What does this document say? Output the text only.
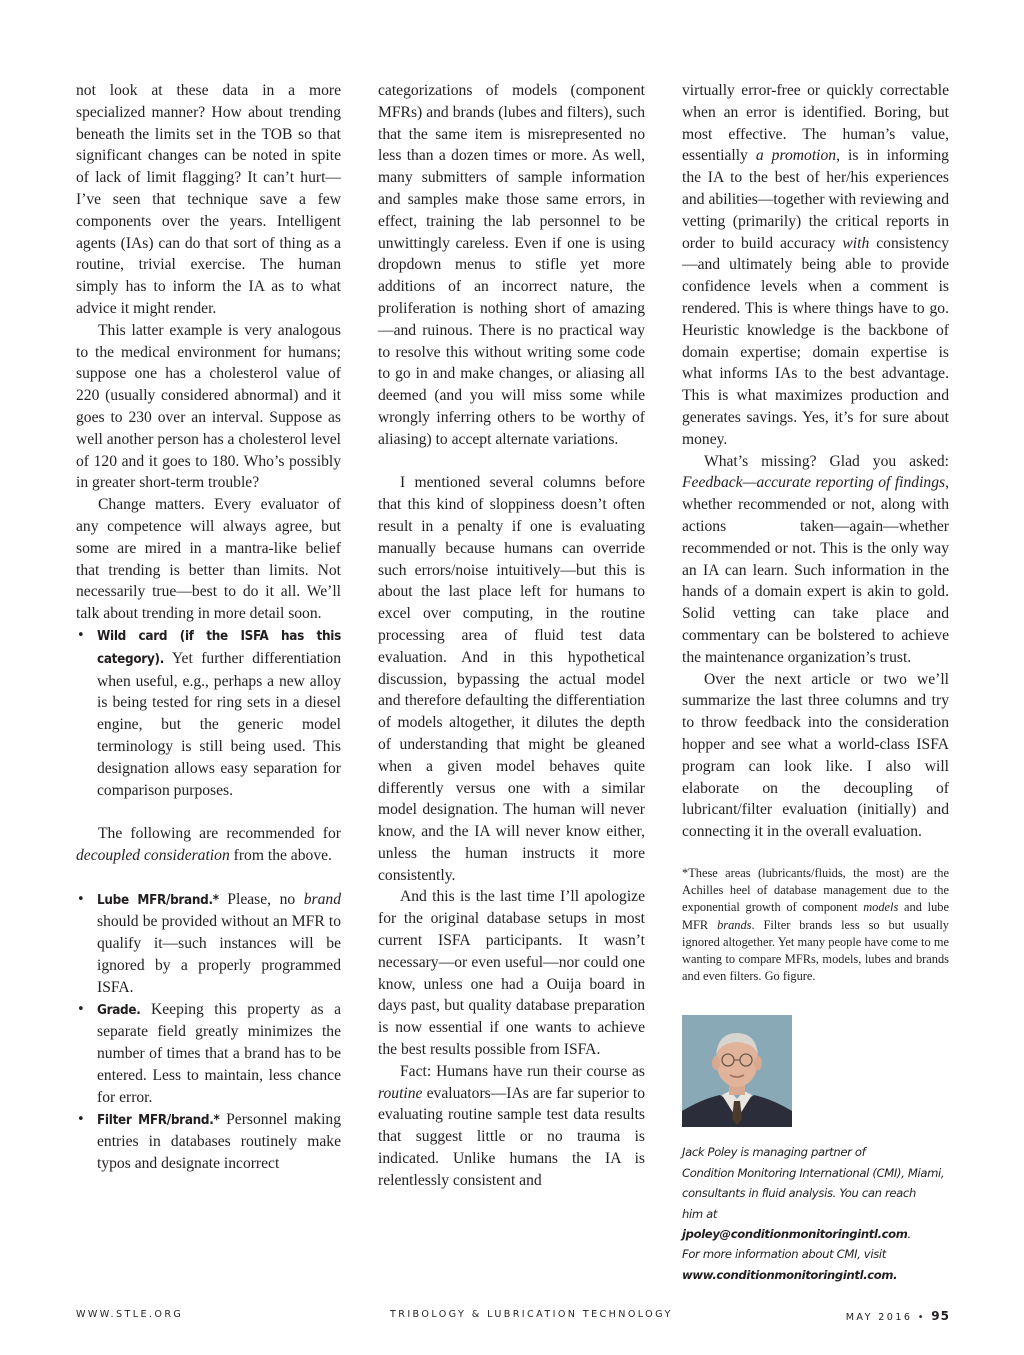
not look at these data in a more specialized manner? How about trending beneath the limits set in the TOB so that significant changes can be noted in spite of lack of limit flagging? It can’t hurt—I’ve seen that technique save a few components over the years. Intelligent agents (IAs) can do that sort of thing as a routine, trivial exercise. The human simply has to inform the IA as to what advice it might render.

This latter example is very analogous to the medical environment for humans; suppose one has a cholesterol value of 220 (usually considered abnormal) and it goes to 230 over an interval. Suppose as well another person has a cholesterol level of 120 and it goes to 180. Who’s possibly in greater short-term trouble?

Change matters. Every evaluator of any competence will always agree, but some are mired in a mantra-like belief that trending is better than limits. Not necessarily true—best to do it all. We’ll talk about trending in more detail soon.

• Wild card (if the ISFA has this category). Yet further differentiation when useful, e.g., perhaps a new alloy is being tested for ring sets in a diesel engine, but the generic model terminology is still being used. This designation allows easy separation for comparison purposes.

The following are recommended for decoupled consideration from the above.

• Lube MFR/brand.* Please, no brand should be provided without an MFR to qualify it—such instances will be ignored by a properly programmed ISFA.

• Grade. Keeping this property as a separate field greatly minimizes the number of times that a brand has to be entered. Less to maintain, less chance for error.

• Filter MFR/brand.* Personnel making entries in databases routinely make typos and designate incorrect

categorizations of models (component MFRs) and brands (lubes and filters), such that the same item is misrepresented no less than a dozen times or more. As well, many submitters of sample information and samples make those same errors, in effect, training the lab personnel to be unwittingly careless. Even if one is using dropdown menus to stifle yet more additions of an incorrect nature, the proliferation is nothing short of amazing—and ruinous. There is no practical way to resolve this without writing some code to go in and make changes, or aliasing all deemed (and you will miss some while wrongly inferring others to be worthy of aliasing) to accept alternate variations.

I mentioned several columns before that this kind of sloppiness doesn’t often result in a penalty if one is evaluating manually because humans can override such errors/noise intuitively—but this is about the last place left for humans to excel over computing, in the routine processing area of fluid test data evaluation. And in this hypothetical discussion, bypassing the actual model and therefore defaulting the differentiation of models altogether, it dilutes the depth of understanding that might be gleaned when a given model behaves quite differently versus one with a similar model designation. The human will never know, and the IA will never know either, unless the human instructs it more consistently.

And this is the last time I’ll apologize for the original database setups in most current ISFA participants. It wasn’t necessary—or even useful—nor could one know, unless one had a Ouija board in days past, but quality database preparation is now essential if one wants to achieve the best results possible from ISFA.

Fact: Humans have run their course as routine evaluators—IAs are far superior to evaluating routine sample test data results that suggest little or no trauma is indicated. Unlike humans the IA is relentlessly consistent and

virtually error-free or quickly correctable when an error is identified. Boring, but most effective. The human’s value, essentially a promotion, is in informing the IA to the best of her/his experiences and abilities—together with reviewing and vetting (primarily) the critical reports in order to build accuracy with consistency—and ultimately being able to provide confidence levels when a comment is rendered. This is where things have to go. Heuristic knowledge is the backbone of domain expertise; domain expertise is what informs IAs to the best advantage. This is what maximizes production and generates savings. Yes, it’s for sure about money.

What’s missing? Glad you asked: Feedback—accurate reporting of findings, whether recommended or not, along with actions taken—again—whether recommended or not. This is the only way an IA can learn. Such information in the hands of a domain expert is akin to gold. Solid vetting can take place and commentary can be bolstered to achieve the maintenance organization’s trust.

Over the next article or two we’ll summarize the last three columns and try to throw feedback into the consideration hopper and see what a world-class ISFA program can look like. I also will elaborate on the decoupling of lubricant/filter evaluation (initially) and connecting it in the overall evaluation.

*These areas (lubricants/fluids, the most) are the Achilles heel of database management due to the exponential growth of component models and lube MFR brands. Filter brands less so but usually ignored altogether. Yet many people have come to me wanting to compare MFRs, models, lubes and brands and even filters. Go figure.

Jack Poley is managing partner of
Condition Monitoring International (CMI), Miami,
consultants in fluid analysis. You can reach
him at jpoley@conditionmonitoringintl.com.
For more information about CMI, visit
www.conditionmonitoringintl.com.

WWW.STLE.ORG	TRIBOLOGY & LUBRICATION TECHNOLOGY	MAY 2016 • 95
